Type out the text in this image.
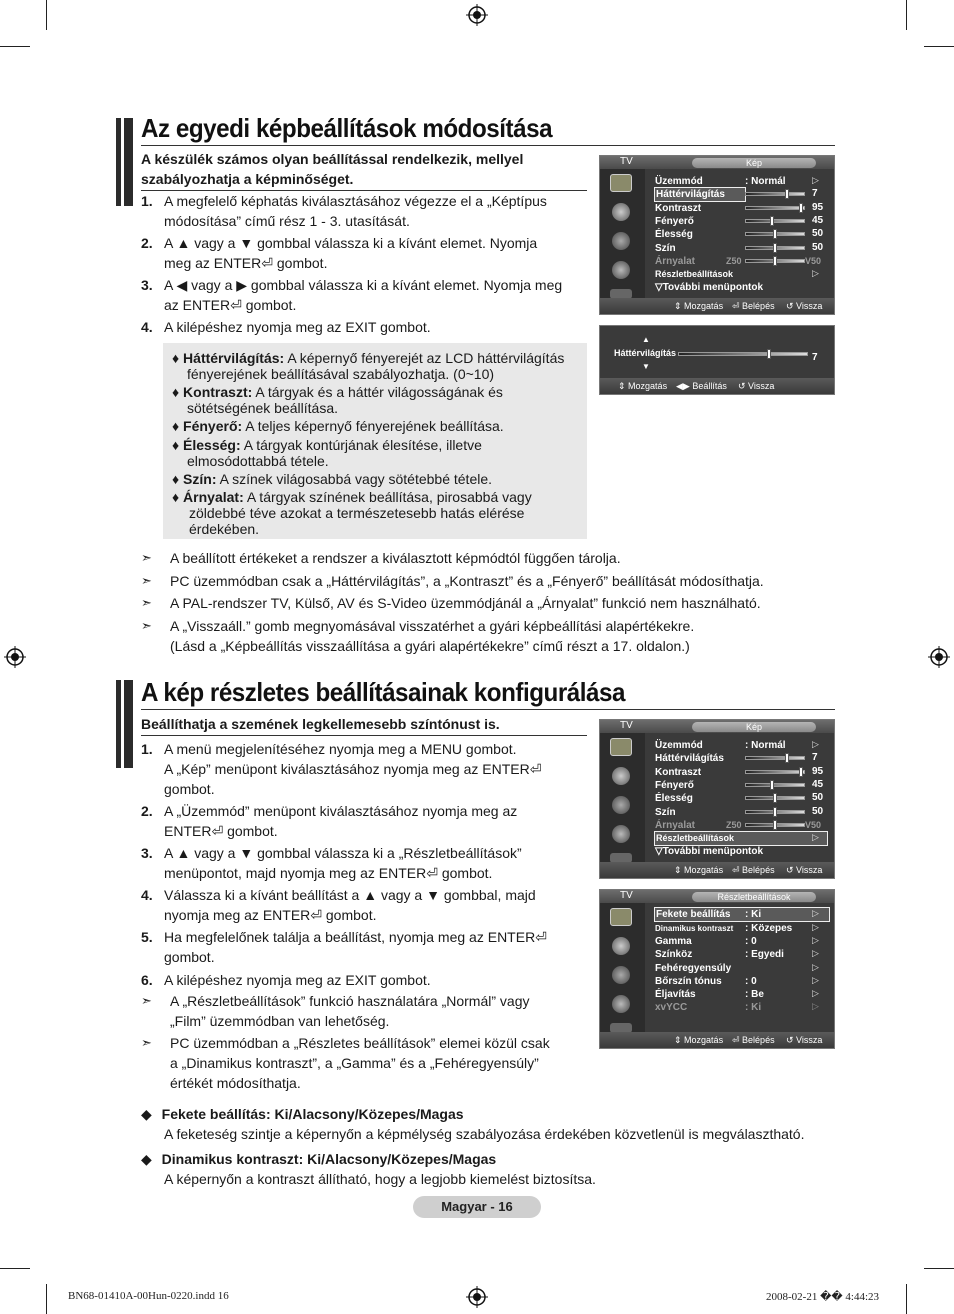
Az egyedi képbeállítások módosítása
A készülék számos olyan beállítással rendelkezik, mellyel
szabályozhatja a képminőséget.
1. A megfelelő képhatás kiválasztásához végezze el a „Képtípus
módosítása” című rész 1 - 3. utasítását.
2. A ▲ vagy a ▼ gombbal válassza ki a kívánt elemet. Nyomja
meg az ENTER⏎ gombot.
3. A ◀ vagy a ▶ gombbal válassza ki a kívánt elemet. Nyomja meg
az ENTER⏎ gombot.
4. A kilépéshez nyomja meg az EXIT gombot.
♦ Háttérvilágítás: A képernyő fényerejét az LCD háttérvilágítás
fényerejének beállításával szabályozhatja. (0~10)
♦ Kontraszt: A tárgyak és a háttér világosságának és
sötétségének beállítása.
♦ Fényerő: A teljes képernyő fényerejének beállítása.
♦ Élesség: A tárgyak kontúrjának élesítése, illetve
elmosódottabbá tétele.
♦ Szín: A színek világosabbá vagy sötétebbé tétele.
♦ Árnyalat: A tárgyak színének beállítása, pirosabbá vagy
zöldebbé téve azokat a természetesebb hatás elérése
érdekében.
➣ A beállított értékeket a rendszer a kiválasztott képmódtól függően tárolja.
➣ PC üzemmódban csak a „Háttérvilágítás”, a „Kontraszt” és a „Fényerő” beállítását módosíthatja.
➣ A PAL-rendszer TV, Külső, AV és S-Video üzemmódjánál a „Árnyalat” funkció nem használható.
➣ A „Visszaáll.” gomb megnyomásával visszatérhet a gyári képbeállítási alapértékekre.
(Lásd a „Képbeállítás visszaállítása a gyári alapértékekre” című részt a 17. oldalon.)
TV	Kép
Üzemmód	: Normál	▷
Háttérvilágítás	7
Kontraszt	95
Fényerő	45
Élesség	50
Szín	50
Árnyalat	Z50	V50
Részletbeállítások	▷
▽További menüpontok
⇕ Mozgatás ⏎ Belépés ↺ Vissza
▲
Háttérvilágítás	7
▼
⇕ Mozgatás ◀▶ Beállítás ↺ Vissza
A kép részletes beállításainak konfigurálása
Beállíthatja a szemének legkellemesebb színtónust is.
1. A menü megjelenítéséhez nyomja meg a MENU gombot.
A „Kép” menüpont kiválasztásához nyomja meg az ENTER⏎
gombot.
2. A „Üzemmód” menüpont kiválasztásához nyomja meg az
ENTER⏎ gombot.
3. A ▲ vagy a ▼ gombbal válassza ki a „Részletbeállítások”
menüpontot, majd nyomja meg az ENTER⏎ gombot.
4. Válassza ki a kívánt beállítást a ▲ vagy a ▼ gombbal, majd
nyomja meg az ENTER⏎ gombot.
5. Ha megfelelőnek találja a beállítást, nyomja meg az ENTER⏎
gombot.
6. A kilépéshez nyomja meg az EXIT gombot.
➣ A „Részletbeállítások” funkció használatára „Normál” vagy
„Film” üzemmódban van lehetőség.
➣ PC üzemmódban a „Részletes beállítások” elemei közül csak
a „Dinamikus kontraszt”, a „Gamma” és a „Fehéregyensúly”
értékét módosíthatja.
◆ Fekete beállítás: Ki/Alacsony/Közepes/Magas
A feketeség szintje a képernyőn a képmélység szabályozása érdekében közvetlenül is megválasztható.
◆ Dinamikus kontraszt: Ki/Alacsony/Közepes/Magas
A képernyőn a kontraszt állítható, hogy a legjobb kiemelést biztosítsa.
TV	Kép
Üzemmód	: Normál	▷
Háttérvilágítás	7
Kontraszt	95
Fényerő	45
Élesség	50
Szín	50
Árnyalat	Z50	V50
Részletbeállítások	▷
▽További menüpontok
⇕ Mozgatás ⏎ Belépés ↺ Vissza
TV	Részletbeállítások
Fekete beállítás	: Ki	▷
Dinamikus kontraszt : Közepes ▷
Gamma	: 0	▷
Színköz	: Egyedi	▷
Fehéregyensúly	▷
Bőrszín tónus : 0	▷
Éljavítás	: Be	▷
xvYCC	: Ki	▷
⇕ Mozgatás ⏎ Belépés ↺ Vissza
Magyar - 16
BN68-01410A-00Hun-0220.indd 16	2008-02-21 �� 4:44:23
